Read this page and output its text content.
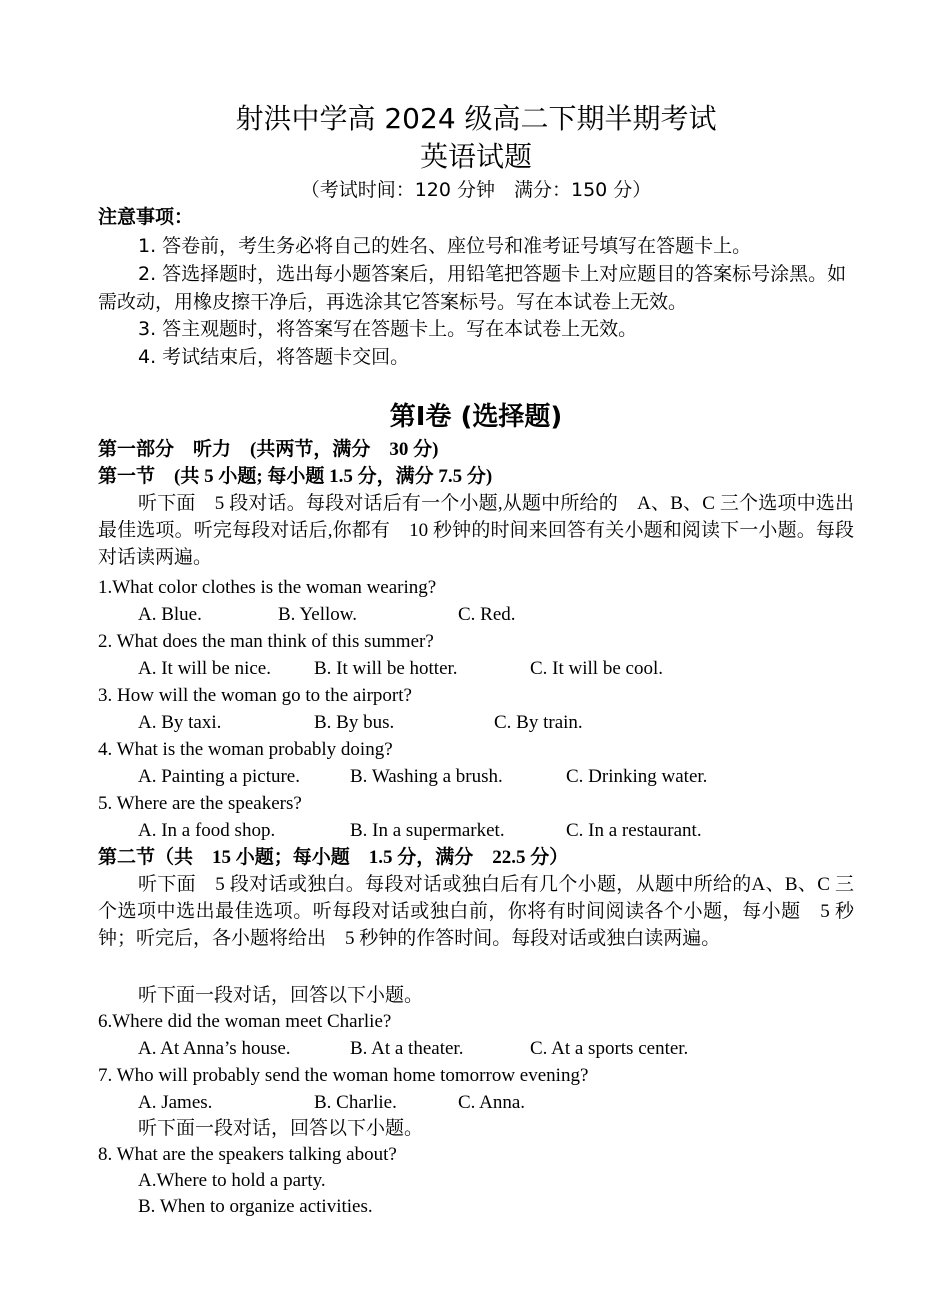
射洪中学高 2024 级高二下期半期考试
英语试题
（考试时间：120 分钟　满分：150 分）
注意事项：
1. 答卷前，考生务必将自己的姓名、座位号和准考证号填写在答题卡上。
2. 答选择题时，选出每小题答案后，用铅笔把答题卡上对应题目的答案标号涂黑。如需改动，用橡皮擦干净后，再选涂其它答案标号。写在本试卷上无效。
3. 答主观题时，将答案写在答题卡上。写在本试卷上无效。
4. 考试结束后，将答题卡交回。
第Ⅰ卷 (选择题)
第一部分　听力　(共两节，满分　30 分)
第一节　(共 5 小题; 每小题 1.5 分，满分 7.5 分)
听下面　5 段对话。每段对话后有一个小题,从题中所给的　A、B、C 三个选项中选出最佳选项。听完每段对话后,你都有　10 秒钟的时间来回答有关小题和阅读下一小题。每段对话读两遍。
1.What color clothes is the woman wearing?
A. Blue.	B. Yellow.	C. Red.
2. What does the man think of this summer?
A. It will be nice. B. It will be hotter.	C. It will be cool.
3. How will the woman go to the airport?
A. By taxi.	B. By bus.	C. By train.
4. What is the woman probably doing?
A. Painting a picture.	B. Washing a brush.	C. Drinking water.
5. Where are the speakers?
A. In a food shop.	B. In a supermarket.	C. In a restaurant.
第二节（共　15 小题；每小题　1.5 分，满分　22.5 分）
听下面　5 段对话或独白。每段对话或独白后有几个小题，从题中所给的A、B、C 三个选项中选出最佳选项。听每段对话或独白前，你将有时间阅读各个小题，每小题　5 秒钟；听完后，各小题将给出　5 秒钟的作答时间。每段对话或独白读两遍。
听下面一段对话，回答以下小题。
6.Where did the woman meet Charlie?
A. At Anna’s house.	B. At a theater.	C. At a sports center.
7. Who will probably send the woman home tomorrow evening?
A. James.	B. Charlie.	C. Anna.
听下面一段对话，回答以下小题。
8. What are the speakers talking about?
A.Where to hold a party.
B. When to organize activities.
